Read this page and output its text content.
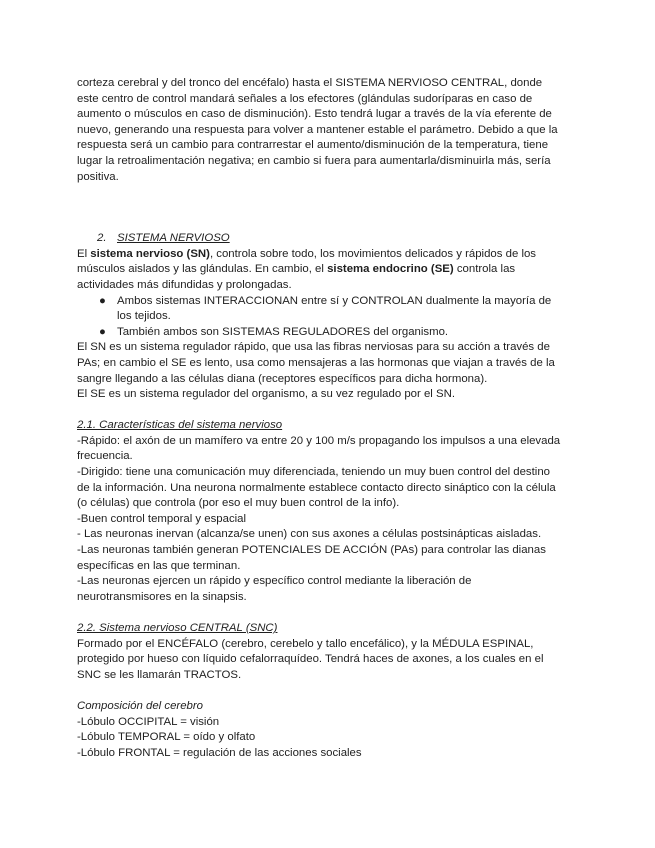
corteza cerebral y del tronco del encéfalo) hasta el SISTEMA NERVIOSO CENTRAL, donde

este centro de control mandará señales a los efectores (glándulas sudoríparas en caso de

aumento o músculos en caso de disminución). Esto tendrá lugar a través de la vía eferente de

nuevo, generando una respuesta para volver a mantener estable el parámetro. Debido a que la

respuesta será un cambio para contrarrestar el aumento/disminución de la temperatura, tiene

lugar la retroalimentación negativa; en cambio si fuera para aumentarla/disminuirla más, sería

positiva.

2. SISTEMA NERVIOSO

El sistema nervioso (SN), controla sobre todo, los movimientos delicados y rápidos de los

músculos aislados y las glándulas. En cambio, el sistema endocrino (SE) controla las

actividades más difundidas y prolongadas.

● Ambos sistemas INTERACCIONAN entre sí y CONTROLAN dualmente la mayoría de
los tejidos.
● También ambos son SISTEMAS REGULADORES del organismo.

El SN es un sistema regulador rápido, que usa las fibras nerviosas para su acción a través de

PAs; en cambio el SE es lento, usa como mensajeras a las hormonas que viajan a través de la

sangre llegando a las células diana (receptores específicos para dicha hormona).

El SE es un sistema regulador del organismo, a su vez regulado por el SN.

2.1. Características del sistema nervioso

-Rápido: el axón de un mamífero va entre 20 y 100 m/s propagando los impulsos a una elevada

frecuencia.

-Dirigido: tiene una comunicación muy diferenciada, teniendo un muy buen control del destino

de la información. Una neurona normalmente establece contacto directo sináptico con la célula

(o células) que controla (por eso el muy buen control de la info).

-Buen control temporal y espacial

- Las neuronas inervan (alcanza/se unen) con sus axones a células postsinápticas aisladas.

-Las neuronas también generan POTENCIALES DE ACCIÓN (PAs) para controlar las dianas

específicas en las que terminan.

-Las neuronas ejercen un rápido y específico control mediante la liberación de

neurotransmisores en la sinapsis.

2.2. Sistema nervioso CENTRAL (SNC)

Formado por el ENCÉFALO (cerebro, cerebelo y tallo encefálico), y la MÉDULA ESPINAL,

protegido por hueso con líquido cefalorraquídeo. Tendrá haces de axones, a los cuales en el

SNC se les llamarán TRACTOS.

Composición del cerebro

-Lóbulo OCCIPITAL = visión

-Lóbulo TEMPORAL = oído y olfato

-Lóbulo FRONTAL = regulación de las acciones sociales
